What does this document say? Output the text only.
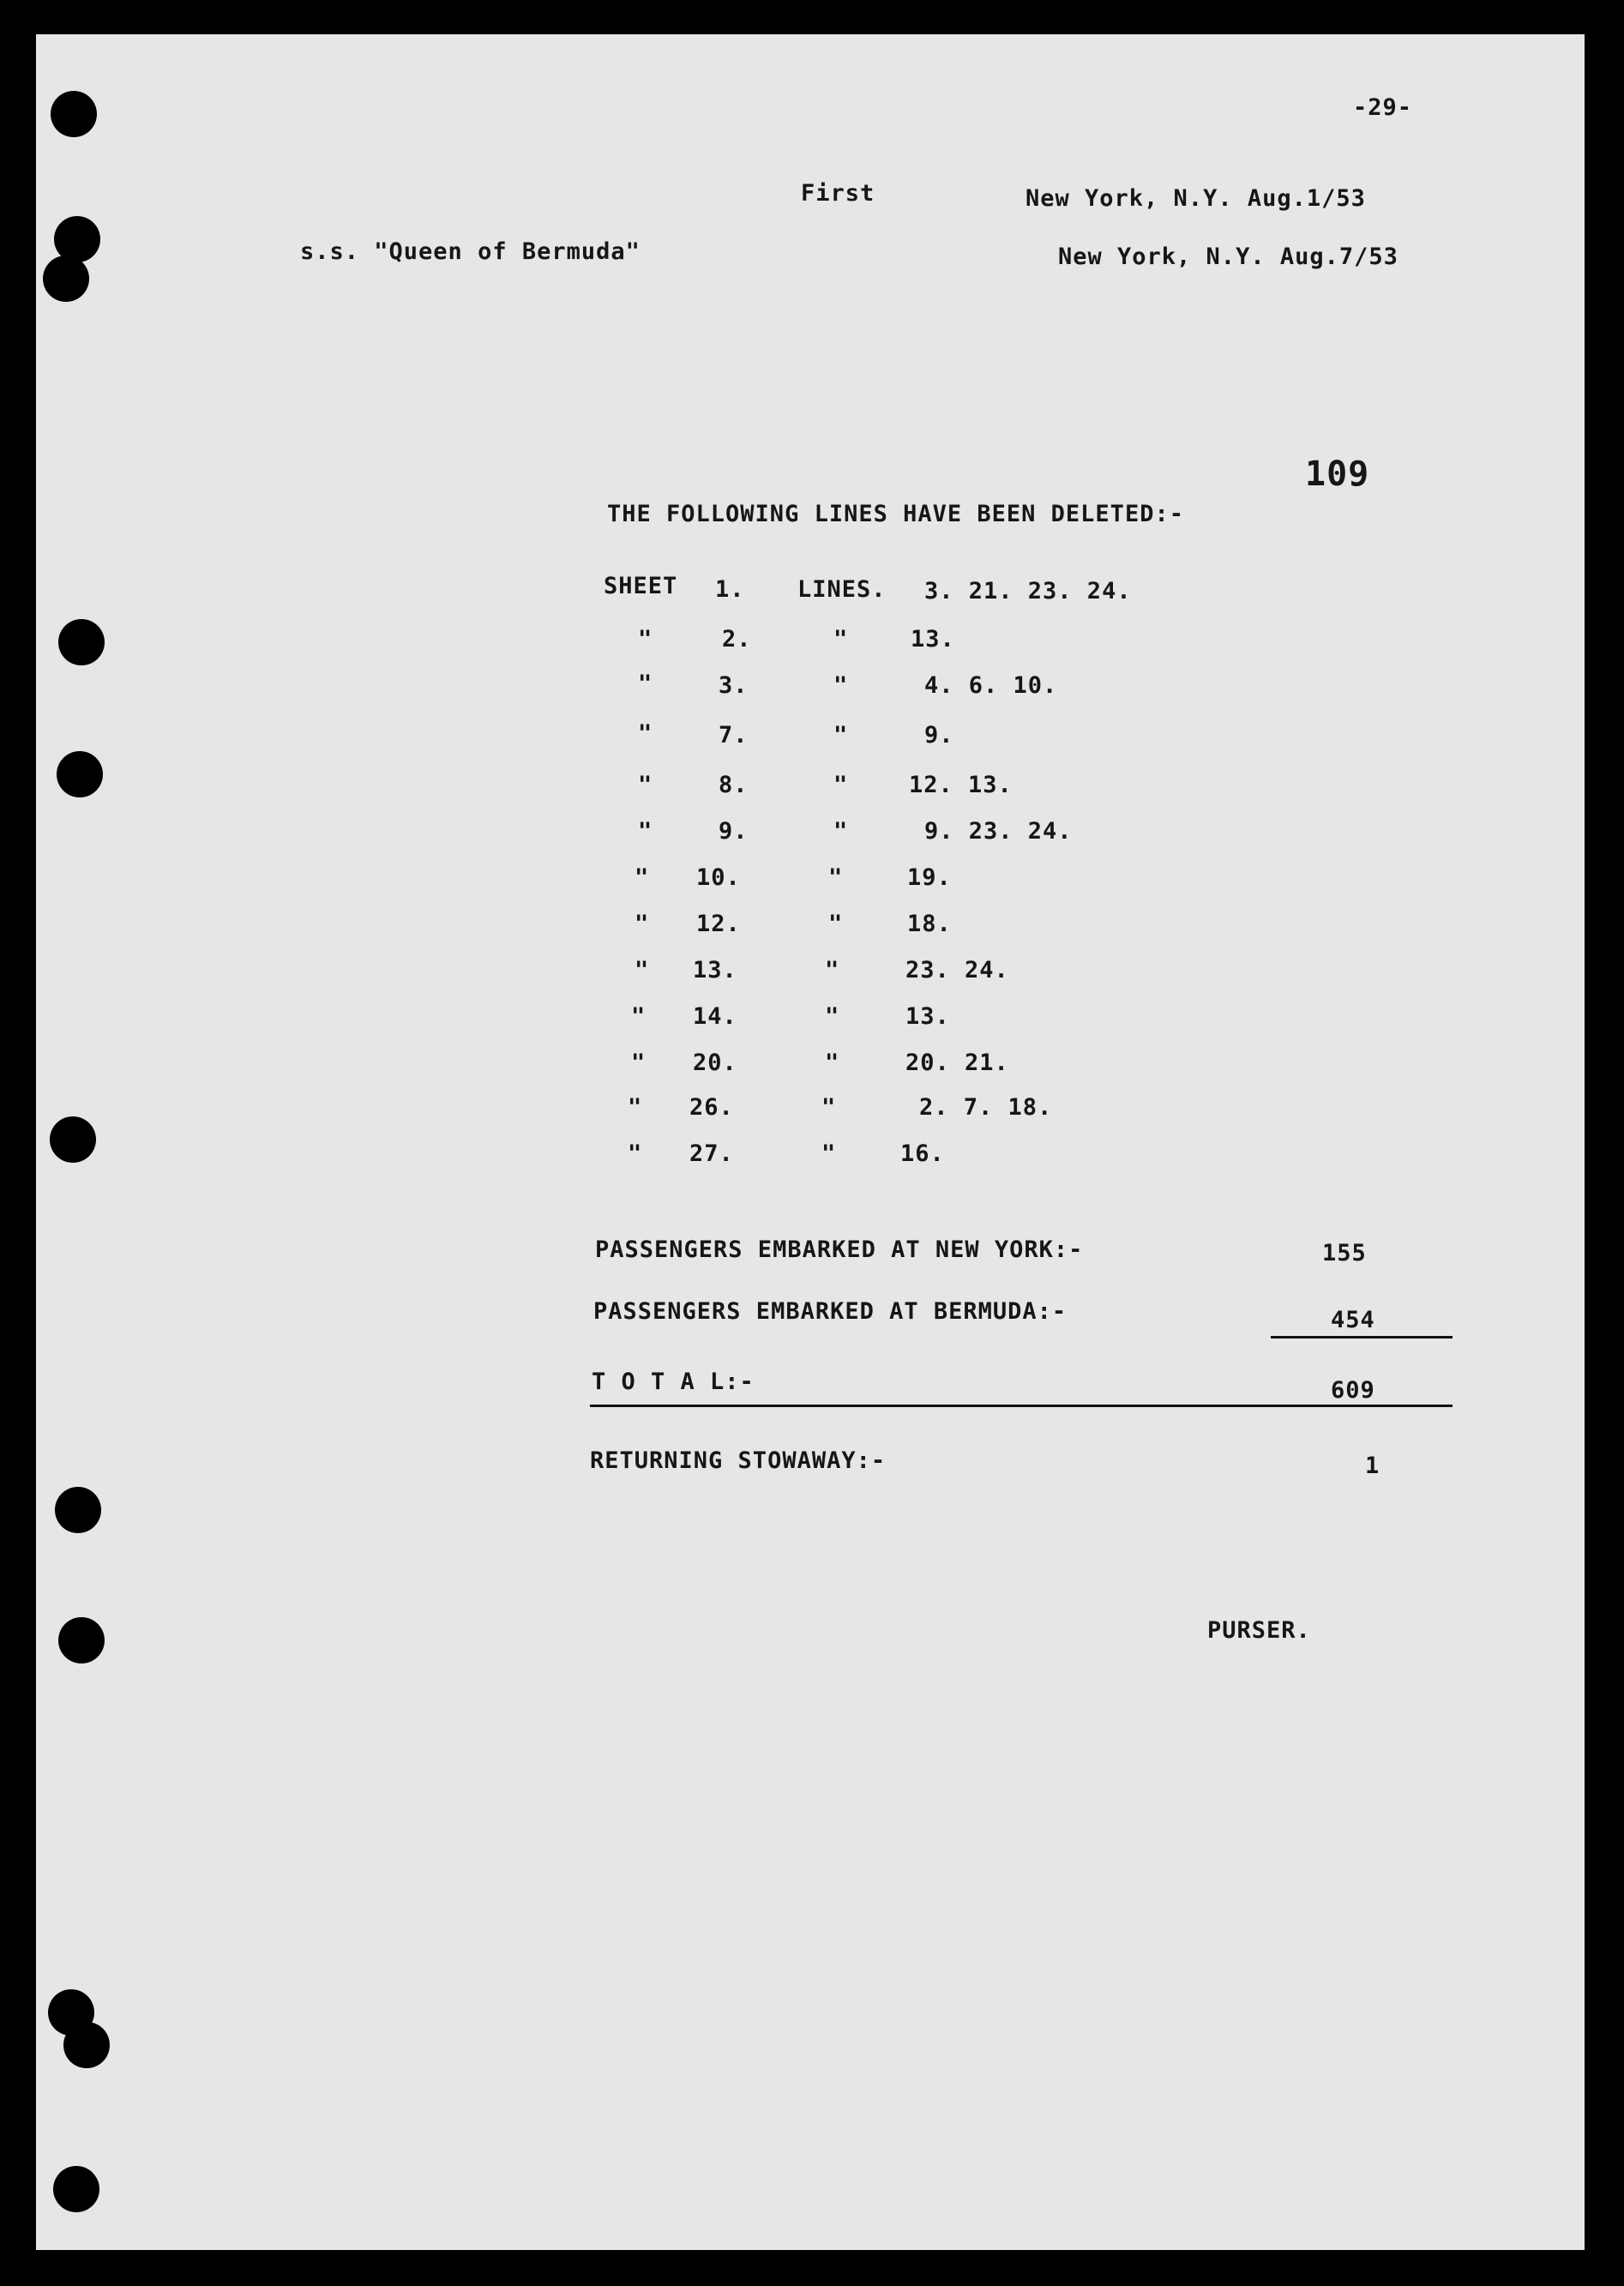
-29-
First	New York, N.Y. Aug.1/53
s.s. "Queen of Bermuda"	New York, N.Y. Aug.7/53
109
THE FOLLOWING LINES HAVE BEEN DELETED:-
SHEET 1. LINES. 3. 21. 23. 24.
"	2.	"	13.
"	3.	"	4. 6. 10.
"	7.	"	9.
"	8.	"	12. 13.
"	9.	"	9. 23. 24.
" 10.	"	19.
" 12.	"	18.
" 13.	"	23. 24.
" 14.	"	13.
" 20.	"	20. 21.
" 26.	"	2. 7. 18.
" 27.	"	16.
PASSENGERS EMBARKED AT NEW YORK:-	155
PASSENGERS EMBARKED AT BERMUDA:-	454
T O T A L:-	609
RETURNING STOWAWAY:-	1
PURSER.
